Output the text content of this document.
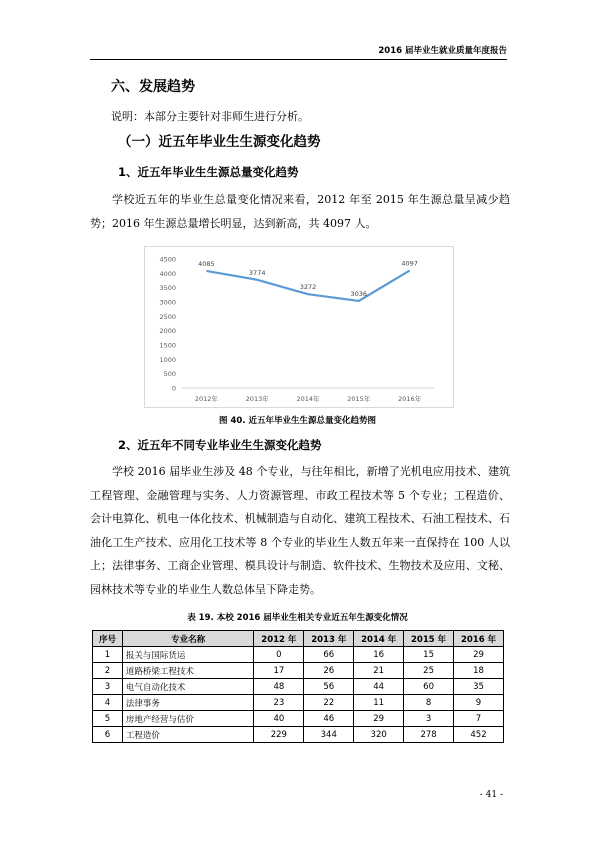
2016 届毕业生就业质量年度报告
六、发展趋势
说明：本部分主要针对非师生进行分析。
（一）近五年毕业生生源变化趋势
1、近五年毕业生生源总量变化趋势

学校近五年的毕业生总量变化情况来看，2012 年至 2015 年生源总量呈减少趋势；2016 年生源总量增长明显，达到新高，共 4097 人。

0
500
1000
1500
2000
2500
3000
3500
4000
4500
2012年	2013年	2014年	2015年	2016年
4085
3774
3272
3036
4097
图 40. 近五年毕业生生源总量变化趋势图
2、近五年不同专业毕业生生源变化趋势

学校 2016 届毕业生涉及 48 个专业，与往年相比，新增了光机电应用技术、建筑工程管理、金融管理与实务、人力资源管理、市政工程技术等 5 个专业；工程造价、会计电算化、机电一体化技术、机械制造与自动化、建筑工程技术、石油工程技术、石油化工生产技术、应用化工技术等 8 个专业的毕业生人数五年来一直保持在 100 人以上；法律事务、工商企业管理、模具设计与制造、软件技术、生物技术及应用、文秘、园林技术等专业的毕业生人数总体呈下降走势。

表 19. 本校 2016 届毕业生相关专业近五年生源变化情况
序号	专业名称	2012 年	2013 年	2014 年	2015 年	2016 年
1	报关与国际货运	0	66	16	15	29
2	道路桥梁工程技术	17	26	21	25	18
3	电气自动化技术	48	56	44	60	35
4	法律事务	23	22	11	8	9
5	房地产经营与估价	40	46	29	3	7
6	工程造价	229	344	320	278	452
- 41 -
